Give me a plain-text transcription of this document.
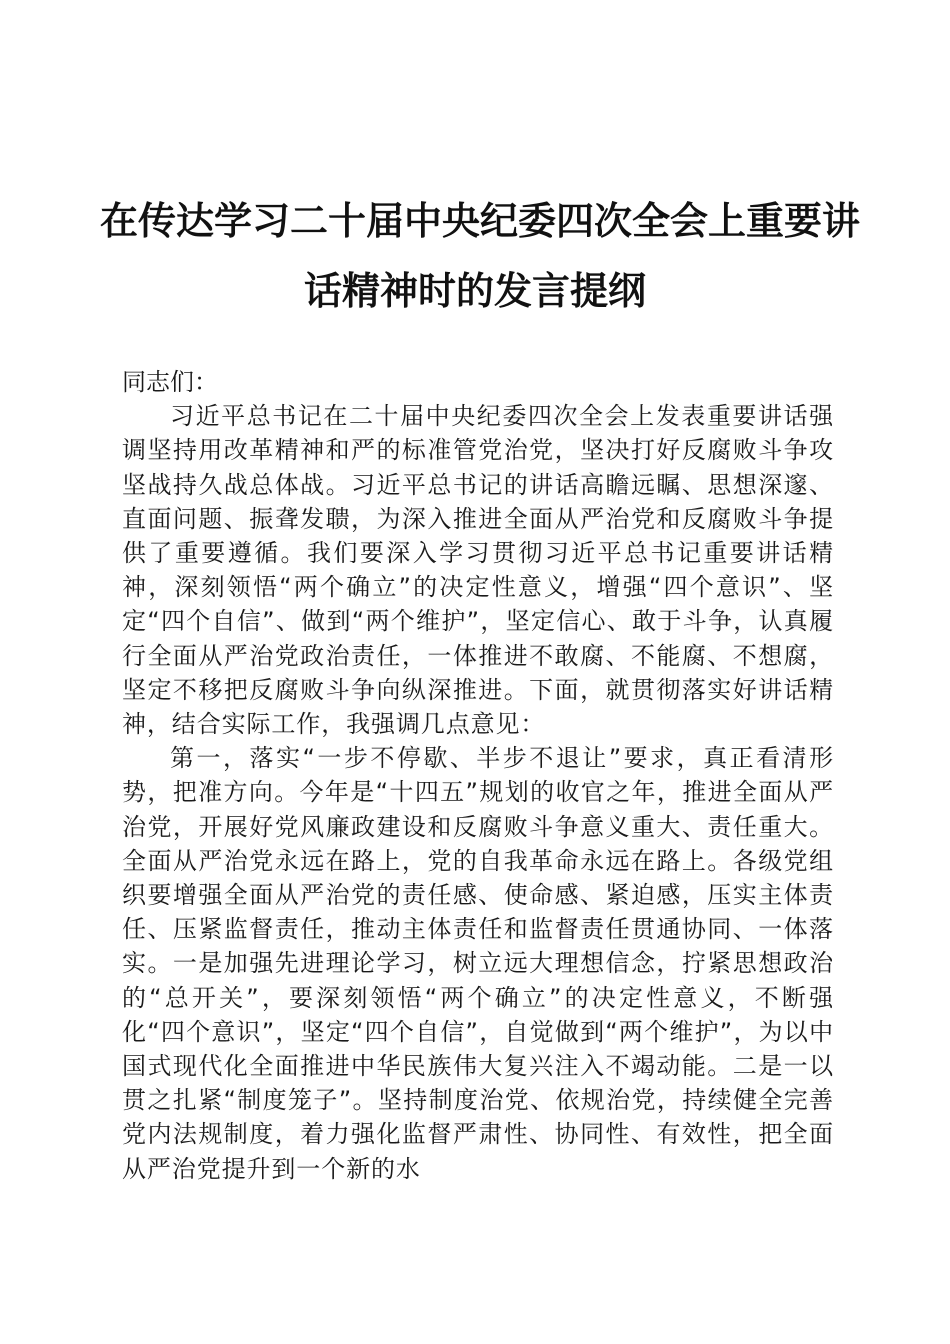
在传达学习二十届中央纪委四次全会上重要讲
话精神时的发言提纲

同志们：

习近平总书记在二十届中央纪委四次全会上发表重要讲话强调坚持用改革精神和严的标准管党治党，坚决打好反腐败斗争攻坚战持久战总体战。习近平总书记的讲话高瞻远瞩、思想深邃、直面问题、振聋发聩，为深入推进全面从严治党和反腐败斗争提供了重要遵循。我们要深入学习贯彻习近平总书记重要讲话精神，深刻领悟“两个确立”的决定性意义，增强“四个意识”、坚定“四个自信”、做到“两个维护”，坚定信心、敢于斗争，认真履行全面从严治党政治责任，一体推进不敢腐、不能腐、不想腐，坚定不移把反腐败斗争向纵深推进。下面，就贯彻落实好讲话精神，结合实际工作，我强调几点意见：

第一，落实“一步不停歇、半步不退让”要求，真正看清形势，把准方向。今年是“十四五”规划的收官之年，推进全面从严治党，开展好党风廉政建设和反腐败斗争意义重大、责任重大。全面从严治党永远在路上，党的自我革命永远在路上。各级党组织要增强全面从严治党的责任感、使命感、紧迫感，压实主体责任、压紧监督责任，推动主体责任和监督责任贯通协同、一体落实。一是加强先进理论学习，树立远大理想信念，拧紧思想政治的“总开关”，要深刻领悟“两个确立”的决定性意义，不断强化“四个意识”，坚定“四个自信”，自觉做到“两个维护”，为以中国式现代化全面推进中华民族伟大复兴注入不竭动能。二是一以贯之扎紧“制度笼子”。坚持制度治党、依规治党，持续健全完善党内法规制度，着力强化监督严肃性、协同性、有效性，把全面从严治党提升到一个新的水
